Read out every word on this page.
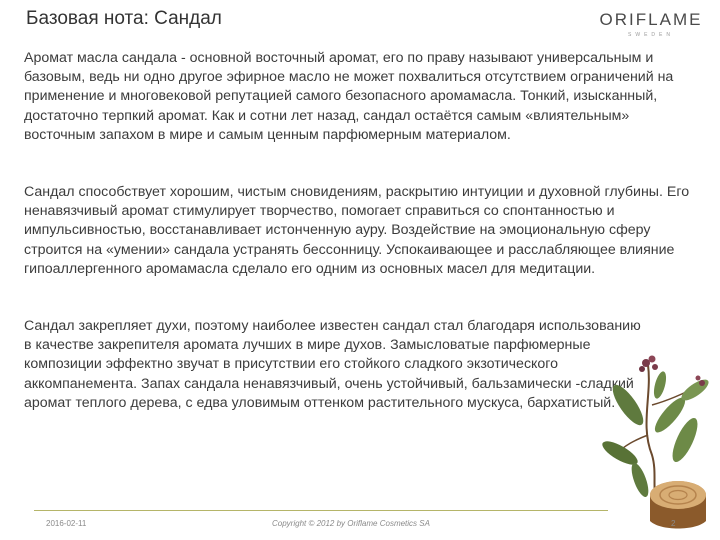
Базовая нота: Сандал	ORIFLAME
SWEDEN
Аромат масла сандала - основной восточный аромат, его по праву называют универсальным и базовым, ведь ни одно другое эфирное масло не может похвалиться отсутствием ограничений на применение и многовековой репутацией самого безопасного аромамасла. Тонкий, изысканный, достаточно терпкий аромат. Как и сотни лет назад, сандал остаётся самым «влиятельным» восточным запахом в мире и самым ценным парфюмерным материалом.
Сандал способствует хорошим, чистым сновидениям, раскрытию интуиции и духовной глубины. Его ненавязчивый аромат стимулирует творчество, помогает справиться со спонтанностью и импульсивностью, восстанавливает истонченную ауру. Воздействие на эмоциональную сферу строится на «умении» сандала устранять бессонницу. Успокаивающее и расслабляющее влияние гипоаллергенного аромамасла сделало его одним из основных масел для медитации.
Сандал закрепляет духи, поэтому наиболее известен сандал стал благодаря использованию в качестве закрепителя аромата лучших в мире духов. Замысловатые парфюмерные композиции эффектно звучат в присутствии его стойкого сладкого экзотического аккомпанемента. Запах сандала ненавязчивый, очень устойчивый, бальзамически -сладкий аромат теплого дерева, с едва уловимым оттенком растительного мускуса, бархатистый.
2016-02-11	Copyright © 2012 by Oriflame Cosmetics SA	2
